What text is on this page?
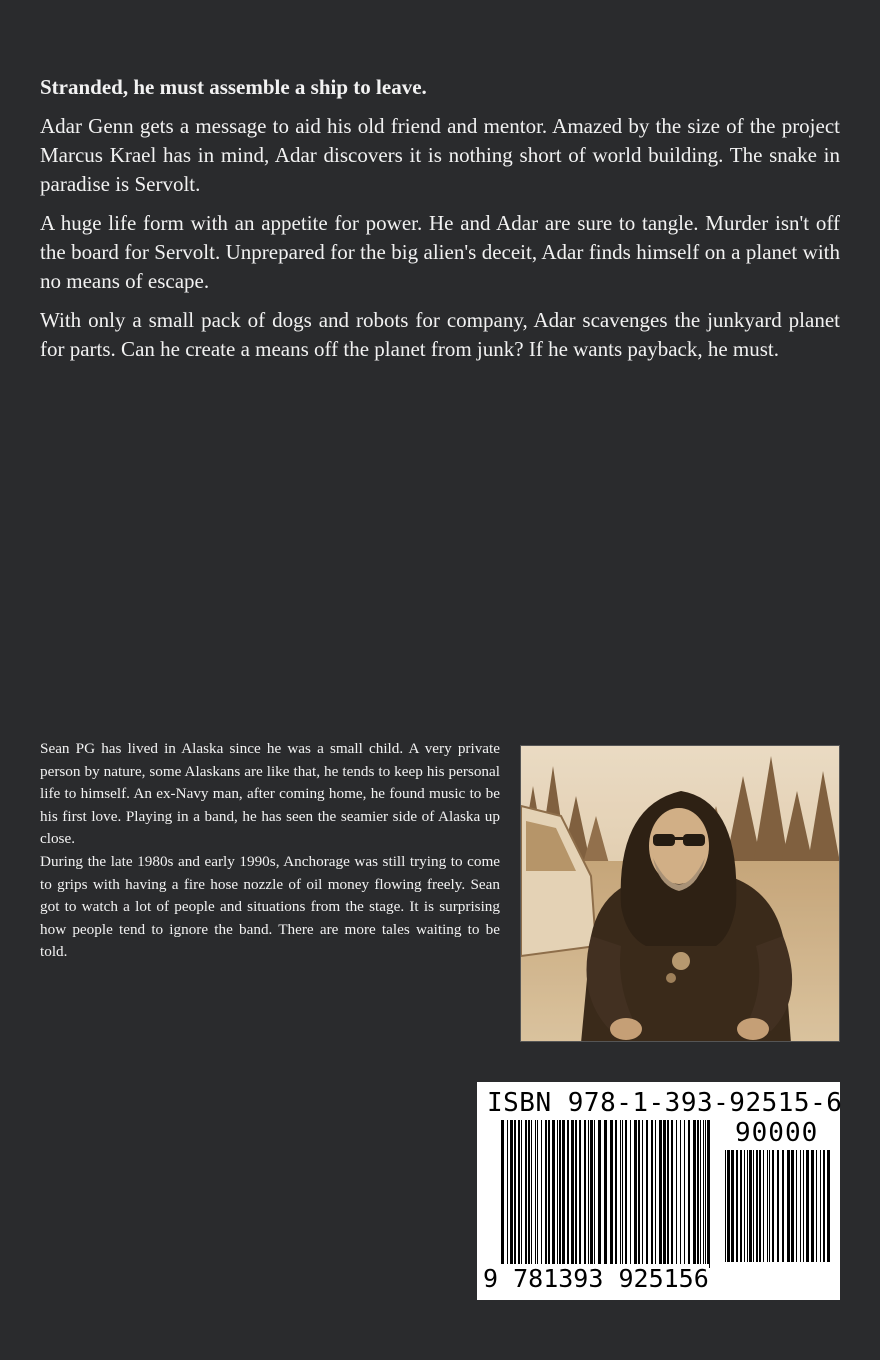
Stranded, he must assemble a ship to leave.

Adar Genn gets a message to aid his old friend and mentor. Amazed by the size of the project Marcus Krael has in mind, Adar discovers it is nothing short of world building. The snake in paradise is Servolt.

A huge life form with an appetite for power. He and Adar are sure to tangle. Murder isn't off the board for Servolt. Unprepared for the big alien's deceit, Adar finds himself on a planet with no means of escape.

With only a small pack of dogs and robots for company, Adar scavenges the junkyard planet for parts. Can he create a means off the planet from junk? If he wants payback, he must.

Sean PG has lived in Alaska since he was a small child. A very private person by nature, some Alaskans are like that, he tends to keep his personal life to himself. An ex-Navy man, after coming home, he found music to be his first love. Playing in a band, he has seen the seamier side of Alaska up close.

During the late 1980s and early 1990s, Anchorage was still trying to come to grips with having a fire hose nozzle of oil money flowing freely. Sean got to watch a lot of people and situations from the stage. It is surprising how people tend to ignore the band. There are more tales waiting to be told.

ISBN 978-1-393-92515-6
90000
9 781393 925156
